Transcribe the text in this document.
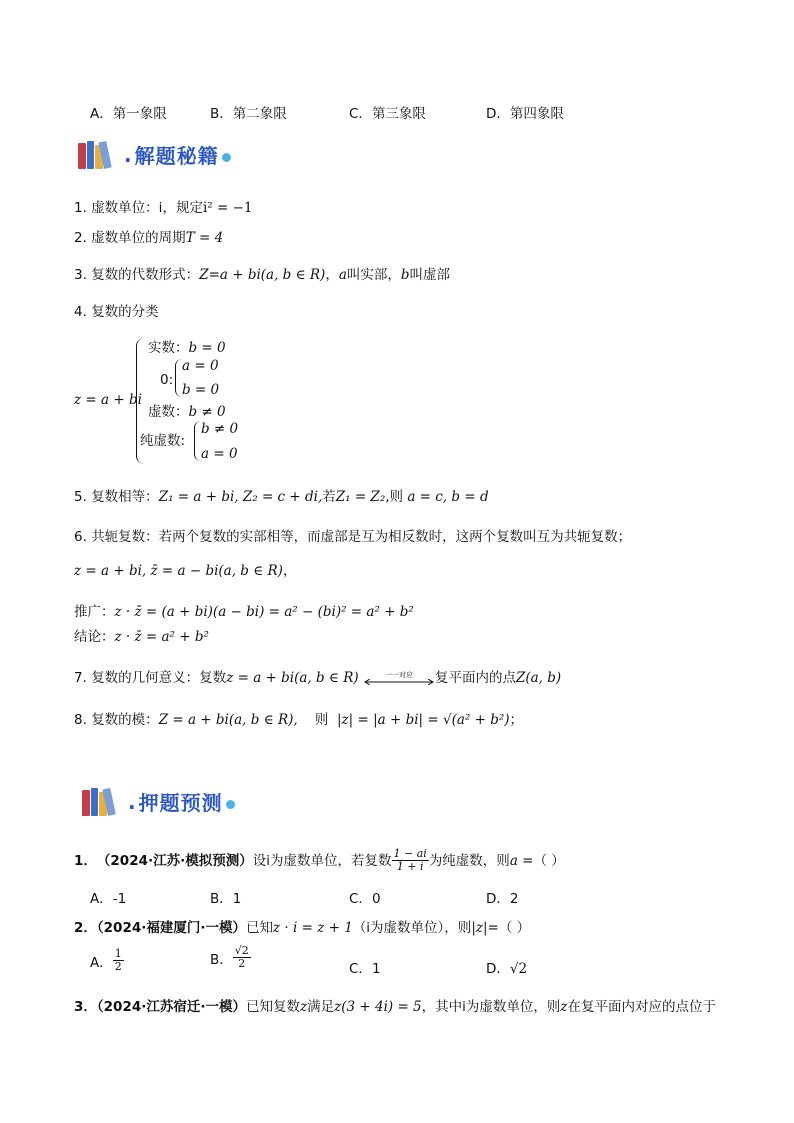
A．第一象限	B．第二象限	C．第三象限	D．第四象限
. 解题秘籍
1. 虚数单位：i，规定i² = −1
2. 虚数单位的周期T = 4
3. 复数的代数形式：Z=a + bi(a, b ∈ R)，a叫实部，b叫虚部
4. 复数的分类
z = a + bi
实数：b = 0
0:
a = 0
b = 0
虚数：b ≠ 0
纯虚数:
b ≠ 0
a = 0
5. 复数相等：Z₁ = a + bi, Z₂ = c + di,若Z₁ = Z₂,则 a = c, b = d
6. 共轭复数：若两个复数的实部相等，而虚部是互为相反数时，这两个复数叫互为共轭复数；
z = a + bi, z̄ = a − bi(a, b ∈ R)，
推广：z · z̄ = (a + bi)(a − bi) = a² − (bi)² = a² + b²
结论：z · z̄ = a² + b²
7. 复数的几何意义：复数z = a + bi(a, b ∈ R)	一一对应	复平面内的点Z(a, b)
8. 复数的模：Z = a + bi(a, b ∈ R), 则 |z| = |a + bi| = √(a² + b²)；
. 押题预测
1． （2024·江苏·模拟预测） 设i为虚数单位，若复数 $\frac{1 - ai}{1 + i}$ 为纯虚数，则 a = （ ）
A．-1	B．1	C．0	D．2
2．（2024·福建厦门·一模）已知z · i = z + 1（i为虚数单位），则|z|=（ ）
A． $\frac{1}{2}$	B． $\frac{√2}{2}$	C．1	D．√2
3．（2024·江苏宿迁·一模）已知复数z满足z(3 + 4i) = 5，其中i为虚数单位，则z在复平面内对应的点位于
